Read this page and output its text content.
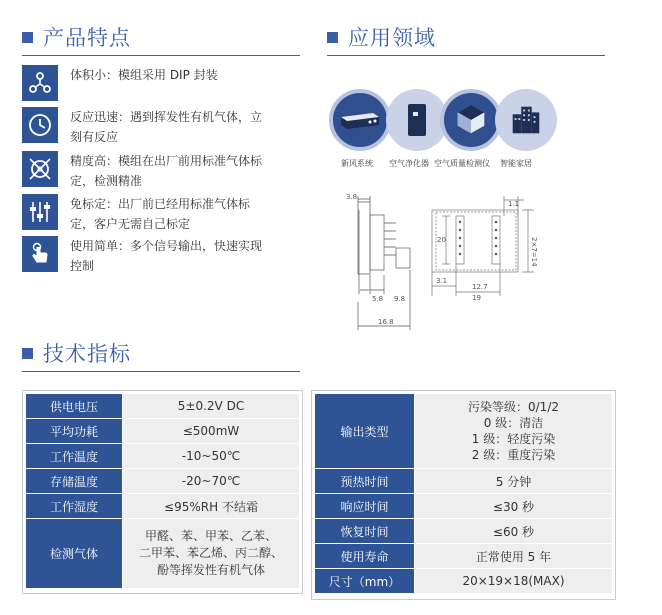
产品特点	应用领域
技术指标
体积小：模组采用 DIP 封装
反应迅速：遇到挥发性有机气体，立刻有反应
精度高：模组在出厂前用标准气体标定，检测精准
免标定：出厂前已经用标准气体标定，客户无需自己标定
使用简单：多个信号输出，快速实现控制
新风系统 空气净化器 空气质量检测仪 智能家居
3.8
5.8 9.8
16.8
1.1
2×7=14
20
3.1
12.7
19
供电电压	5±0.2V DC
平均功耗	≤500mW
工作温度	-10~50℃
存储温度	-20~70℃
工作湿度	≤95%RH 不结霜
检测气体	甲醛、苯、甲苯、乙苯、
二甲苯、苯乙烯、丙二醇、
酚等挥发性有机气体
输出类型	污染等级：0/1/2
0 级：清洁
1 级：轻度污染
2 级：重度污染

预热时间	5 分钟
响应时间	≤30 秒
恢复时间	≤60 秒
使用寿命	正常使用 5 年
尺寸（mm）	20×19×18(MAX)
